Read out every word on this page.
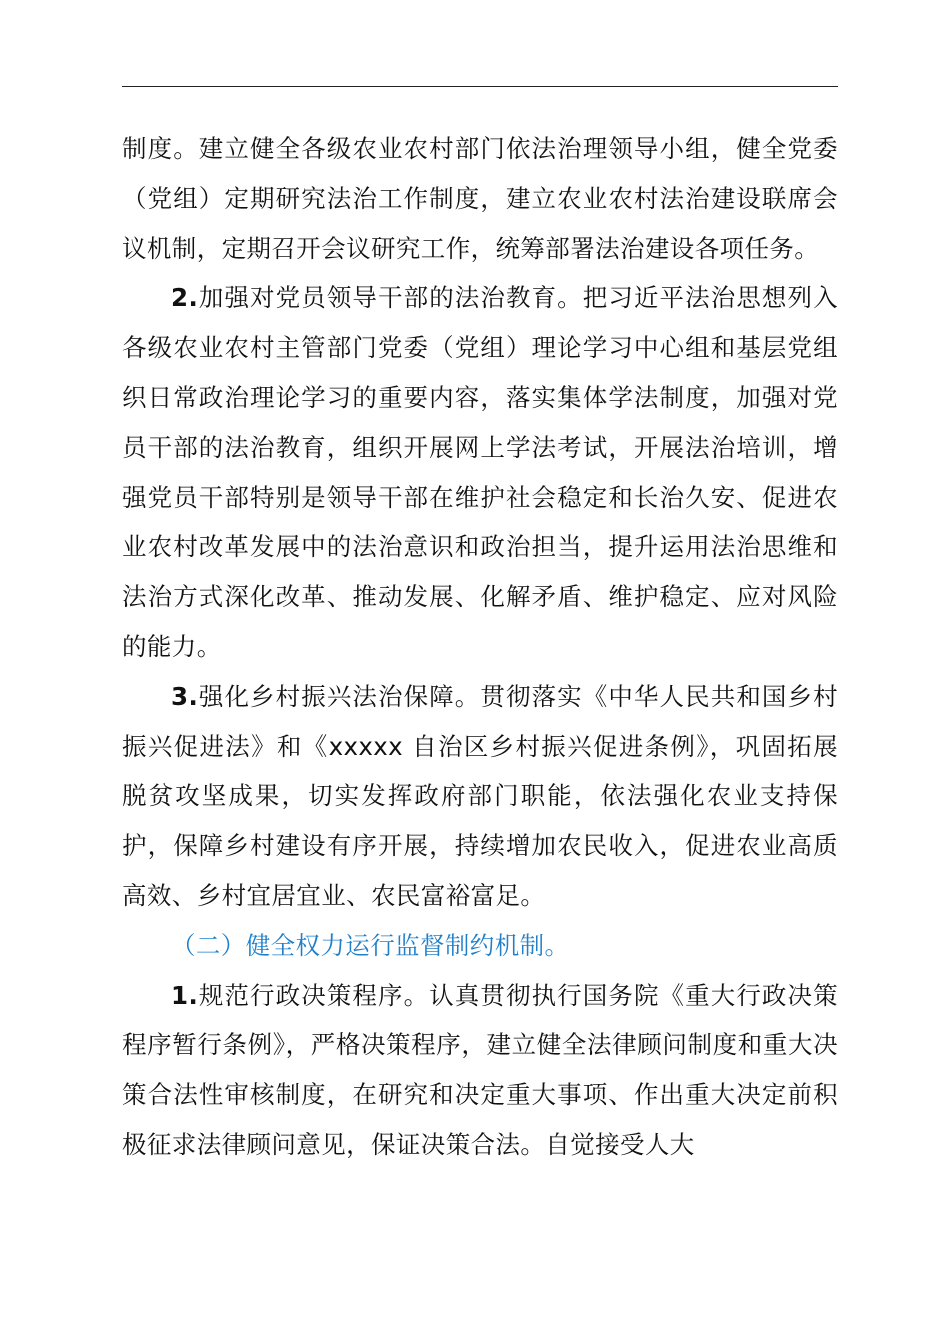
制度。建立健全各级农业农村部门依法治理领导小组，健全党委（党组）定期研究法治工作制度，建立农业农村法治建设联席会议机制，定期召开会议研究工作，统筹部署法治建设各项任务。

2.加强对党员领导干部的法治教育。把习近平法治思想列入各级农业农村主管部门党委（党组）理论学习中心组和基层党组织日常政治理论学习的重要内容，落实集体学法制度，加强对党员干部的法治教育，组织开展网上学法考试，开展法治培训，增强党员干部特别是领导干部在维护社会稳定和长治久安、促进农业农村改革发展中的法治意识和政治担当，提升运用法治思维和法治方式深化改革、推动发展、化解矛盾、维护稳定、应对风险的能力。

3.强化乡村振兴法治保障。贯彻落实《中华人民共和国乡村振兴促进法》和《xxxxx 自治区乡村振兴促进条例》，巩固拓展脱贫攻坚成果，切实发挥政府部门职能，依法强化农业支持保护，保障乡村建设有序开展，持续增加农民收入，促进农业高质高效、乡村宜居宜业、农民富裕富足。

（二）健全权力运行监督制约机制。

1.规范行政决策程序。认真贯彻执行国务院《重大行政决策程序暂行条例》，严格决策程序，建立健全法律顾问制度和重大决策合法性审核制度，在研究和决定重大事项、作出重大决定前积极征求法律顾问意见，保证决策合法。自觉接受人大
